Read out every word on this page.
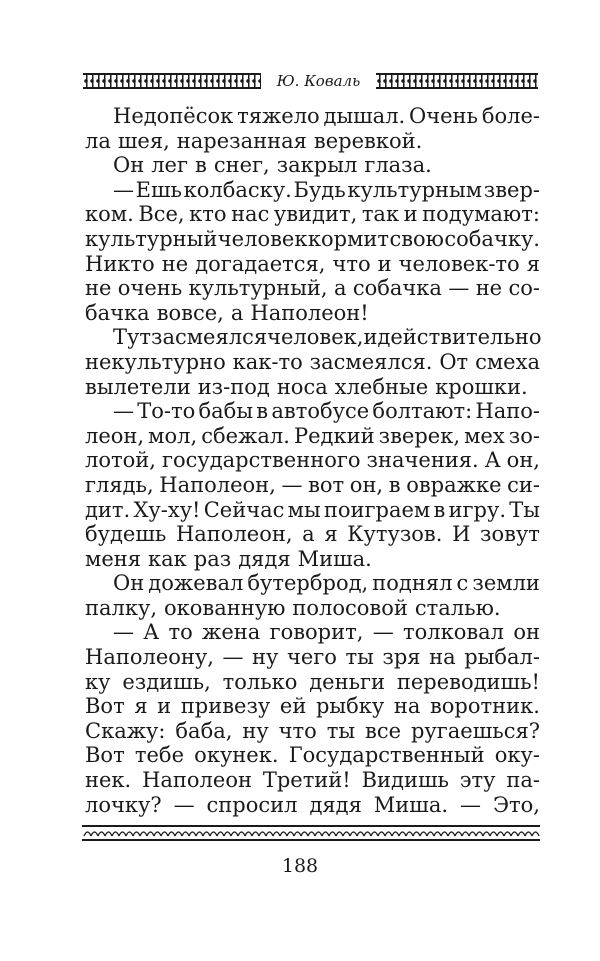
Ю. Коваль
Недопёсок тяжело дышал. Очень боле-
ла шея, нарезанная веревкой.
Он лег в снег, закрыл глаза.
— Ешь колбаску. Будь культурным звер-
ком. Все, кто нас увидит, так и подумают:
культурный человек кормит свою собачку.
Никто не догадается, что и человек-то я
не очень культурный, а собачка — не со-
бачка вовсе, а Наполеон!
Тут засмеялся человек, и действительно
некультурно как-то засмеялся. От смеха
вылетели из-под носа хлебные крошки.
— То-то бабы в автобусе болтают: Напо-
леон, мол, сбежал. Редкий зверек, мех зо-
лотой, государственного значения. А он,
глядь, Наполеон, — вот он, в овражке си-
дит. Ху-ху! Сейчас мы поиграем в игру. Ты
будешь Наполеон, а я Кутузов. И зовут
меня как раз дядя Миша.
Он дожевал бутерброд, поднял с земли
палку, окованную полосовой сталью.
— А то жена говорит, — толковал он
Наполеону, — ну чего ты зря на рыбал-
ку ездишь, только деньги переводишь!
Вот я и привезу ей рыбку на воротник.
Скажу: баба, ну что ты все ругаешься?
Вот тебе окунек. Государственный оку-
нек. Наполеон Третий! Видишь эту па-
лочку? — спросил дядя Миша. — Это,
188
